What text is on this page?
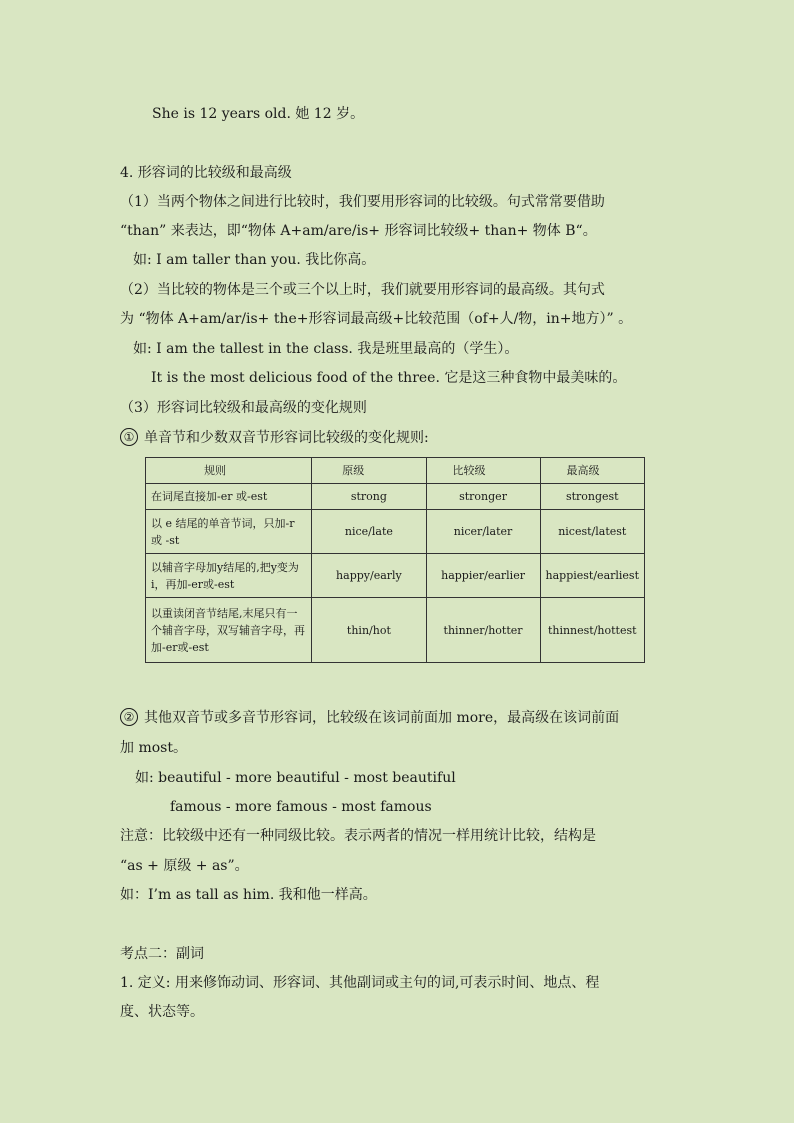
She is 12 years old. 她 12 岁。
4. 形容词的比较级和最高级
（1）当两个物体之间进行比较时，我们要用形容词的比较级。句式常常要借助
“than” 来表达，即“物体 A+am/are/is+ 形容词比较级+ than+ 物体 B“。
如: I am taller than you. 我比你高。
（2）当比较的物体是三个或三个以上时，我们就要用形容词的最高级。其句式
为 “物体 A+am/ar/is+ the+形容词最高级+比较范围（of+人/物，in+地方）” 。
如: I am the tallest in the class. 我是班里最高的（学生）。
It is the most delicious food of the three. 它是这三种食物中最美味的。
（3）形容词比较级和最高级的变化规则
① 单音节和少数双音节形容词比较级的变化规则:
规则	原级	比较级	最高级
在词尾直接加-er 或-est	strong	stronger	strongest
以 e 结尾的单音节词，只加-r 或 -st	nice/late	nicer/later	nicest/latest
以辅音字母加y结尾的,把y变为i，再加-er或-est	happy/early	happier/earlier	happiest/earliest
以重读闭音节结尾,末尾只有一个辅音字母，双写辅音字母，再加-er或-est	thin/hot	thinner/hotter	thinnest/hottest
② 其他双音节或多音节形容词，比较级在该词前面加 more，最高级在该词前面
加 most。
如: beautiful - more beautiful - most beautiful
famous - more famous - most famous
注意：比较级中还有一种同级比较。表示两者的情况一样用统计比较，结构是
“as + 原级 + as”。
如：I’m as tall as him. 我和他一样高。
考点二：副词
1. 定义: 用来修饰动词、形容词、其他副词或主句的词,可表示时间、地点、程
度、状态等。
